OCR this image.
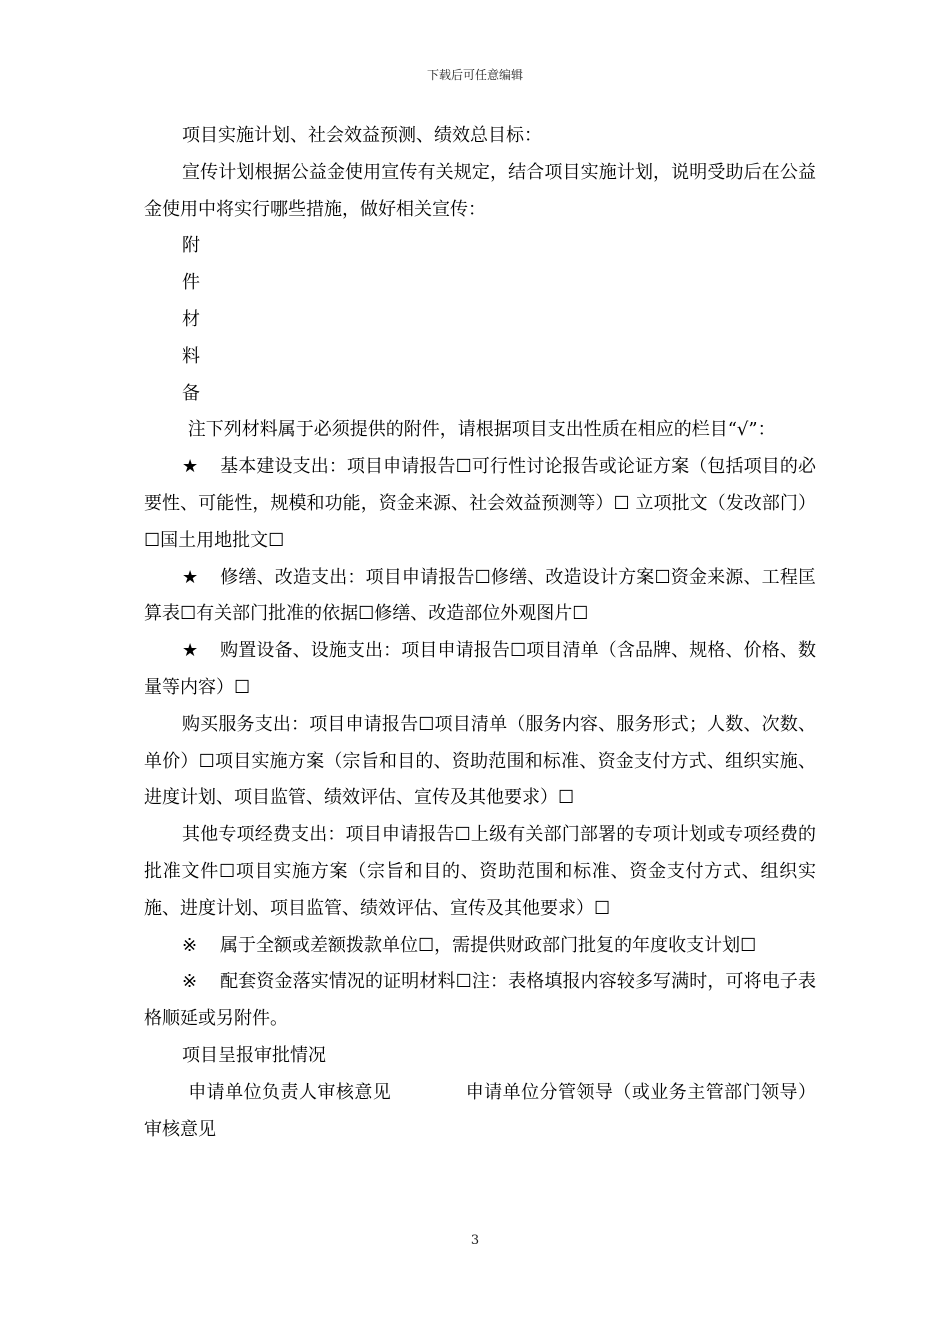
下载后可任意编辑

项目实施计划、社会效益预测、绩效总目标：

宣传计划根据公益金使用宣传有关规定，结合项目实施计划，说明受助后在公益金使用中将实行哪些措施，做好相关宣传：

附
件
材
料
备

注下列材料属于必须提供的附件，请根据项目支出性质在相应的栏目“√”：

★ 基本建设支出：项目申请报告☐可行性讨论报告或论证方案（包括项目的必要性、可能性，规模和功能，资金来源、社会效益预测等）☐ 立项批文（发改部门）☐国土用地批文☐

★ 修缮、改造支出：项目申请报告☐修缮、改造设计方案☐资金来源、工程匡算表☐有关部门批准的依据☐修缮、改造部位外观图片☐

★ 购置设备、设施支出：项目申请报告☐项目清单（含品牌、规格、价格、数量等内容）☐

购买服务支出：项目申请报告☐项目清单（服务内容、服务形式；人数、次数、单价）☐项目实施方案（宗旨和目的、资助范围和标准、资金支付方式、组织实施、进度计划、项目监管、绩效评估、宣传及其他要求）☐

其他专项经费支出：项目申请报告☐上级有关部门部署的专项计划或专项经费的批准文件☐项目实施方案（宗旨和目的、资助范围和标准、资金支付方式、组织实施、进度计划、项目监管、绩效评估、宣传及其他要求）☐

※ 属于全额或差额拨款单位☐，需提供财政部门批复的年度收支计划☐

※ 配套资金落实情况的证明材料☐注：表格填报内容较多写满时，可将电子表格顺延或另附件。

项目呈报审批情况

申请单位负责人审核意见	申请单位分管领导（或业务主管部门领导）审核意见

3
